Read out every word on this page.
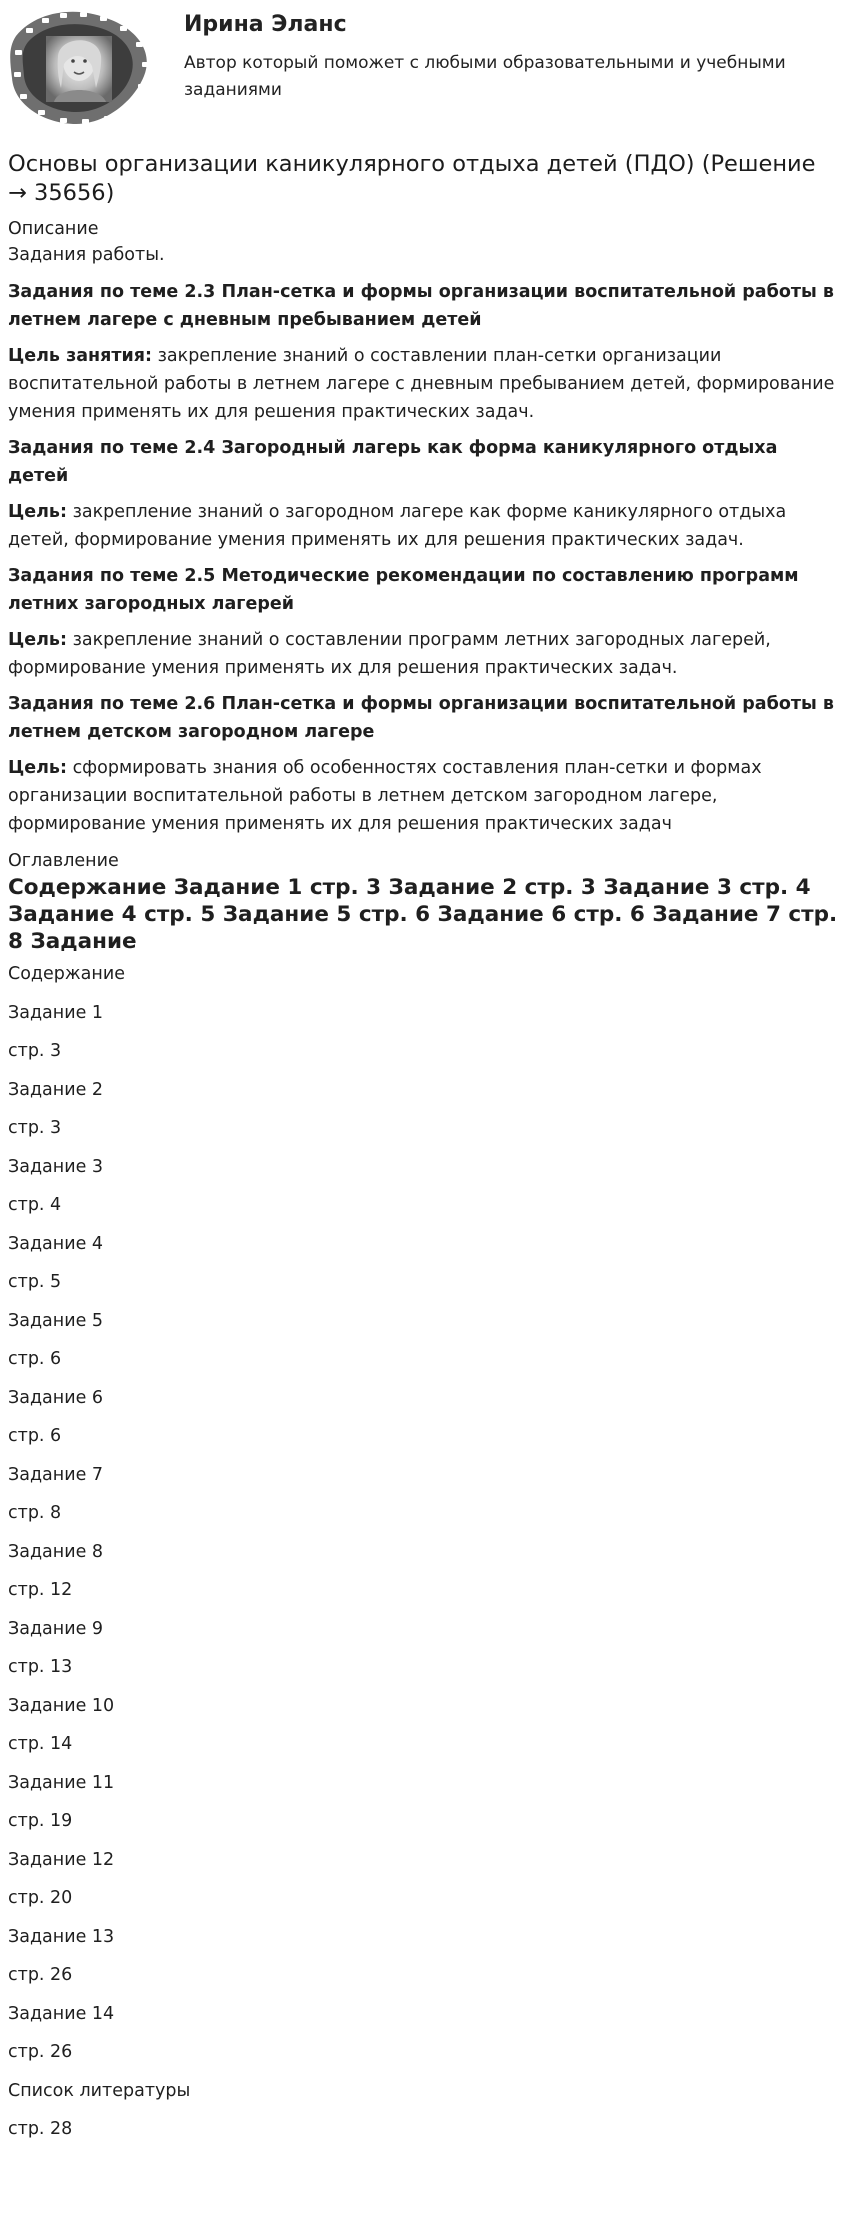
Ирина Эланс
Автор который поможет с любыми образовательными и учебными заданиями
Основы организации каникулярного отдыха детей (ПДО) (Решение → 35656)

Описание

Задания работы.

Задания по теме 2.3 План-сетка и формы организации воспитательной работы в летнем лагере с дневным пребыванием детей

Цель занятия: закрепление знаний о составлении план-сетки организации воспитательной работы в летнем лагере с дневным пребыванием детей, формирование умения применять их для решения практических задач.

Задания по теме 2.4 Загородный лагерь как форма каникулярного отдыха детей

Цель: закрепление знаний о загородном лагере как форме каникулярного отдыха детей, формирование умения применять их для решения практических задач.

Задания по теме 2.5 Методические рекомендации по составлению программ летних загородных лагерей

Цель: закрепление знаний о составлении программ летних загородных лагерей, формирование умения применять их для решения практических задач.

Задания по теме 2.6 План-сетка и формы организации воспитательной работы в летнем детском загородном лагере

Цель: сформировать знания об особенностях составления план-сетки и формах организации воспитательной работы в летнем детском загородном лагере, формирование умения применять их для решения практических задач

Оглавление

Содержание Задание 1 стр. 3 Задание 2 стр. 3 Задание 3 стр. 4 Задание 4 стр. 5 Задание 5 стр. 6 Задание 6 стр. 6 Задание 7 стр. 8 Задание

Содержание
Задание 1
стр. 3
Задание 2
стр. 3
Задание 3
стр. 4
Задание 4
стр. 5
Задание 5
стр. 6
Задание 6
стр. 6
Задание 7
стр. 8
Задание 8
стр. 12
Задание 9
стр. 13
Задание 10
стр. 14
Задание 11
стр. 19
Задание 12
стр. 20
Задание 13
стр. 26
Задание 14
стр. 26
Список литературы
стр. 28
